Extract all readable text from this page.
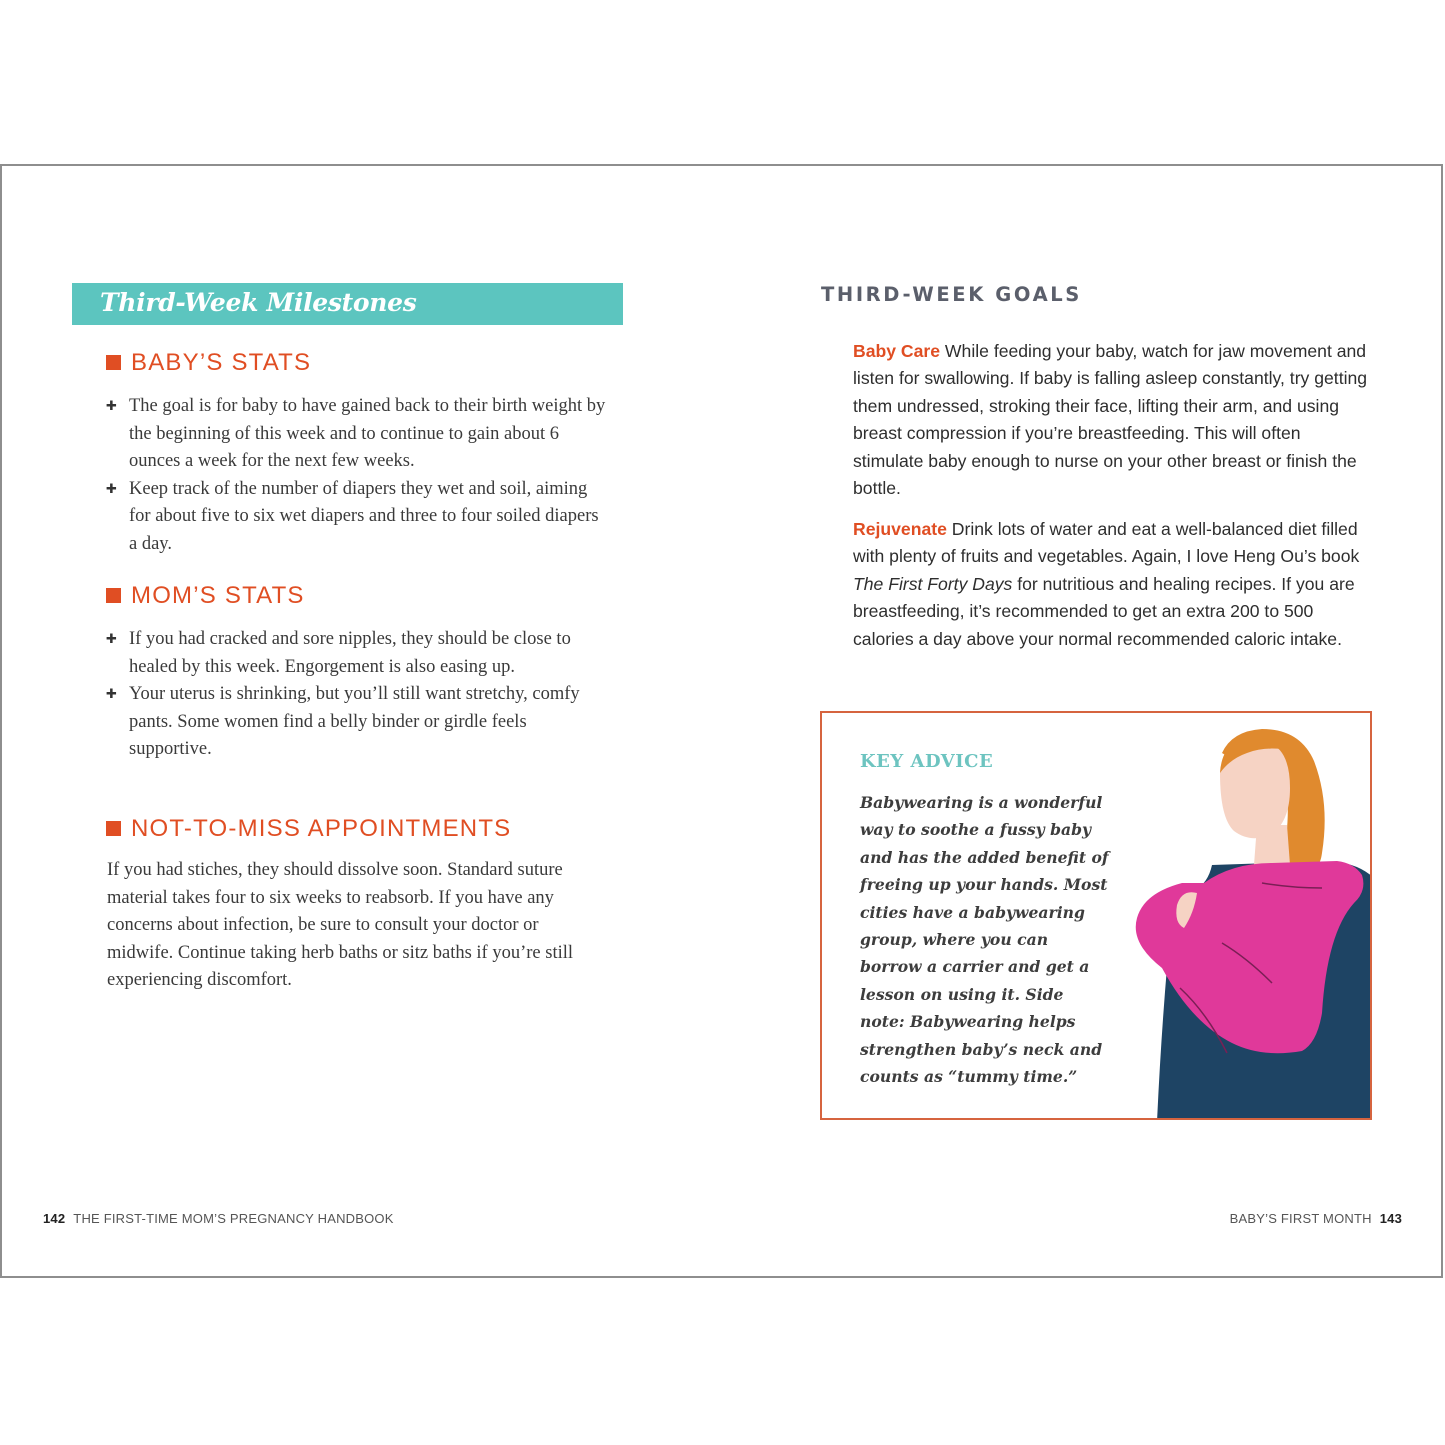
Third-Week Milestones
BABY’S STATS
✚ The goal is for baby to have gained back to their birth weight by the beginning of this week and to continue to gain about 6 ounces a week for the next few weeks.
✚ Keep track of the number of diapers they wet and soil, aiming for about five to six wet diapers and three to four soiled diapers a day.
MOM’S STATS
✚ If you had cracked and sore nipples, they should be close to healed by this week. Engorgement is also easing up.
✚ Your uterus is shrinking, but you’ll still want stretchy, comfy pants. Some women find a belly binder or girdle feels supportive.
NOT-TO-MISS APPOINTMENTS
If you had stiches, they should dissolve soon. Standard suture material takes four to six weeks to reabsorb. If you have any concerns about infection, be sure to consult your doctor or midwife. Continue taking herb baths or sitz baths if you’re still experiencing discomfort.
142 THE FIRST-TIME MOM’S PREGNANCY HANDBOOK
THIRD-WEEK GOALS
Baby Care While feeding your baby, watch for jaw movement and listen for swallowing. If baby is falling asleep constantly, try getting them undressed, stroking their face, lifting their arm, and using breast compression if you’re breastfeeding. This will often stimulate baby enough to nurse on your other breast or finish the bottle.
Rejuvenate Drink lots of water and eat a well-balanced diet filled with plenty of fruits and vegetables. Again, I love Heng Ou’s book The First Forty Days for nutritious and healing recipes. If you are breastfeeding, it’s recommended to get an extra 200 to 500 calories a day above your normal recommended caloric intake.
KEY ADVICE
Babywearing is a wonderful way to soothe a fussy baby and has the added benefit of freeing up your hands. Most cities have a babywearing group, where you can borrow a carrier and get a lesson on using it. Side note: Babywearing helps strengthen baby’s neck and counts as “tummy time.”
BABY’S FIRST MONTH 143
